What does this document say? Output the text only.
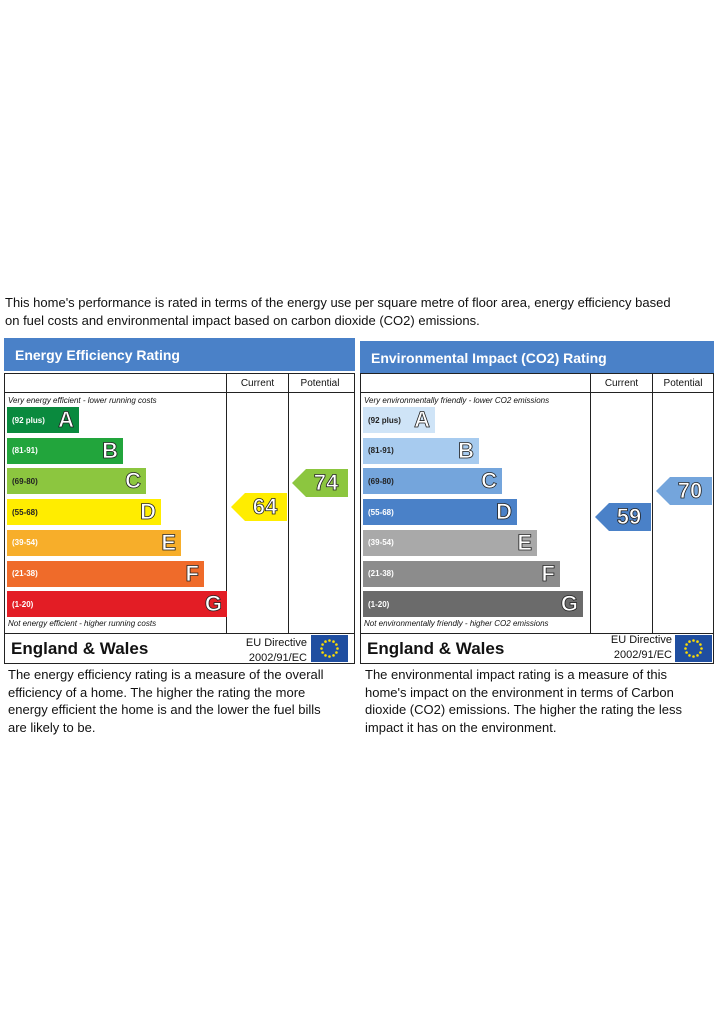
This home's performance is rated in terms of the energy use per square metre of floor area, energy efficiency based

on fuel costs and environmental impact based on carbon dioxide (CO2) emissions.

Energy Efficiency Rating
Current	Potential
Very energy efficient - lower running costs
Not energy efficient - higher running costs
(92 plus) A
(81-91)	B
(69-80)	C
(55-68)	D
(39-54)	E
(21-38)	F
(1-20)	G
64
74
England & Wales	EU Directive
2002/91/EC
Environmental Impact (CO2) Rating
Current	Potential
Very environmentally friendly - lower CO2 emissions
Not environmentally friendly - higher CO2 emissions
(92 plus) A
(81-91)	B
(69-80)	C
(55-68)	D
(39-54)	E
(21-38)	F
(1-20)	G
59
70
England & Wales	EU Directive
2002/91/EC
The energy efficiency rating is a measure of the overall efficiency of a home. The higher the rating the more energy efficient the home is and the lower the fuel bills are likely to be.
The environmental impact rating is a measure of this home's impact on the environment in terms of Carbon dioxide (CO2) emissions. The higher the rating the less impact it has on the environment.
